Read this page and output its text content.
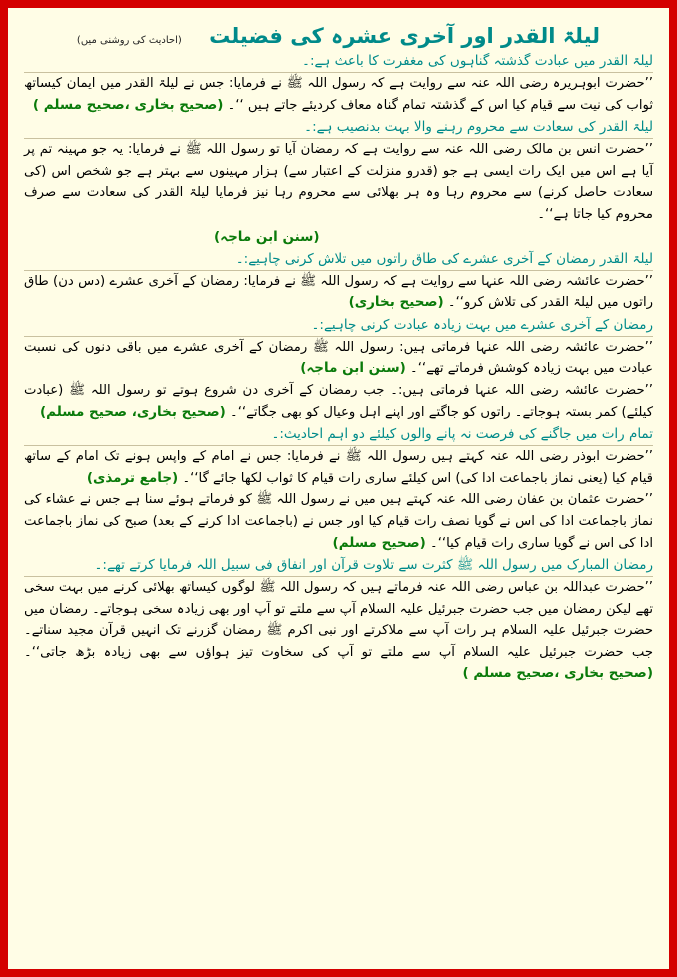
لیلۃ القدر اور آخری عشرہ کی فضیلت (احادیث کی روشنی میں)
لیلۃ القدر میں عبادت گذشتہ گناہوں کی مغفرت کا باعث ہے:۔

’’حضرت ابوہریرہ رضی اللہ عنہ سے روایت ہے کہ رسول اللہ ﷺ نے فرمایا: جس نے لیلۃ القدر میں ایمان کیساتھ ثواب کی نیت سے قیام کیا اس کے گذشتہ تمام گناہ معاف کردیئے جاتے ہیں ‘‘۔ (صحیح بخاری ،صحیح مسلم )

لیلۃ القدر کی سعادت سے محروم رہنے والا بہت بدنصیب ہے:۔

’’حضرت انس بن مالک رضی اللہ عنہ سے روایت ہے کہ رمضان آیا تو رسول اللہ ﷺ نے فرمایا: یہ جو مہینہ تم پر آیا ہے اس میں ایک رات ایسی ہے جو (قدرو منزلت کے اعتبار سے) ہزار مہینوں سے بہتر ہے جو شخص اس (کی سعادت حاصل کرنے) سے محروم رہا وہ ہر بھلائی سے محروم رہا نیز فرمایا لیلۃ القدر کی سعادت سے صرف محروم کیا جاتا ہے‘‘۔
(سنن ابن ماجہ)

لیلۃ القدر رمضان کے آخری عشرے کی طاق راتوں میں تلاش کرنی چاہیے:۔

’’حضرت عائشہ رضی اللہ عنہا سے روایت ہے کہ رسول اللہ ﷺ نے فرمایا: رمضان کے آخری عشرے (دس دن) طاق راتوں میں لیلۃ القدر کی تلاش کرو‘‘۔ (صحیح بخاری)

رمضان کے آخری عشرے میں بہت زیادہ عبادت کرنی چاہیے:۔

’’حضرت عائشہ رضی اللہ عنہا فرماتی ہیں: رسول اللہ ﷺ رمضان کے آخری عشرے میں باقی دنوں کی نسبت عبادت میں بہت زیادہ کوشش فرماتے تھے‘‘۔ (سنن ابن ماجہ)

’’حضرت عائشہ رضی اللہ عنہا فرماتی ہیں:۔ جب رمضان کے آخری دن شروع ہوتے تو رسول اللہ ﷺ (عبادت کیلئے) کمر بستہ ہوجاتے۔ راتوں کو جاگتے اور اپنے اہل وعیال کو بھی جگاتے‘‘۔ (صحیح بخاری، صحیح مسلم)

تمام رات میں جاگنے کی فرصت نہ پانے والوں کیلئے دو اہم احادیث:۔

’’حضرت ابوذر رضی اللہ عنہ کہتے ہیں رسول اللہ ﷺ نے فرمایا: جس نے امام کے واپس ہونے تک امام کے ساتھ قیام کیا (یعنی نماز باجماعت ادا کی) اس کیلئے ساری رات قیام کا ثواب لکھا جائے گا‘‘۔ (جامع ترمذی)

’’حضرت عثمان بن عفان رضی اللہ عنہ کہتے ہیں میں نے رسول اللہ ﷺ کو فرماتے ہوئے سنا ہے جس نے عشاء کی نماز باجماعت ادا کی اس نے گویا نصف رات قیام کیا اور جس نے (باجماعت ادا کرنے کے بعد) صبح کی نماز باجماعت ادا کی اس نے گویا ساری رات قیام کیا‘‘۔ (صحیح مسلم)

رمضان المبارک میں رسول اللہ ﷺ کثرت سے تلاوت قرآن اور انفاق فی سبیل اللہ فرمایا کرتے تھے:۔

’’حضرت عبداللہ بن عباس رضی اللہ عنہ فرماتے ہیں کہ رسول اللہ ﷺ لوگوں کیساتھ بھلائی کرنے میں بہت سخی تھے لیکن رمضان میں جب حضرت جبرئیل علیہ السلام آپ سے ملتے تو آپ اور بھی زیادہ سخی ہوجاتے۔ رمضان میں حضرت جبرئیل علیہ السلام ہر رات آپ سے ملاکرتے اور نبی اکرم ﷺ رمضان گزرنے تک انہیں قرآن مجید سناتے۔ جب حضرت جبرئیل علیہ السلام آپ سے ملتے تو آپ کی سخاوت تیز ہواؤں سے بھی زیادہ بڑھ جاتی‘‘۔ (صحیح بخاری ،صحیح مسلم )
